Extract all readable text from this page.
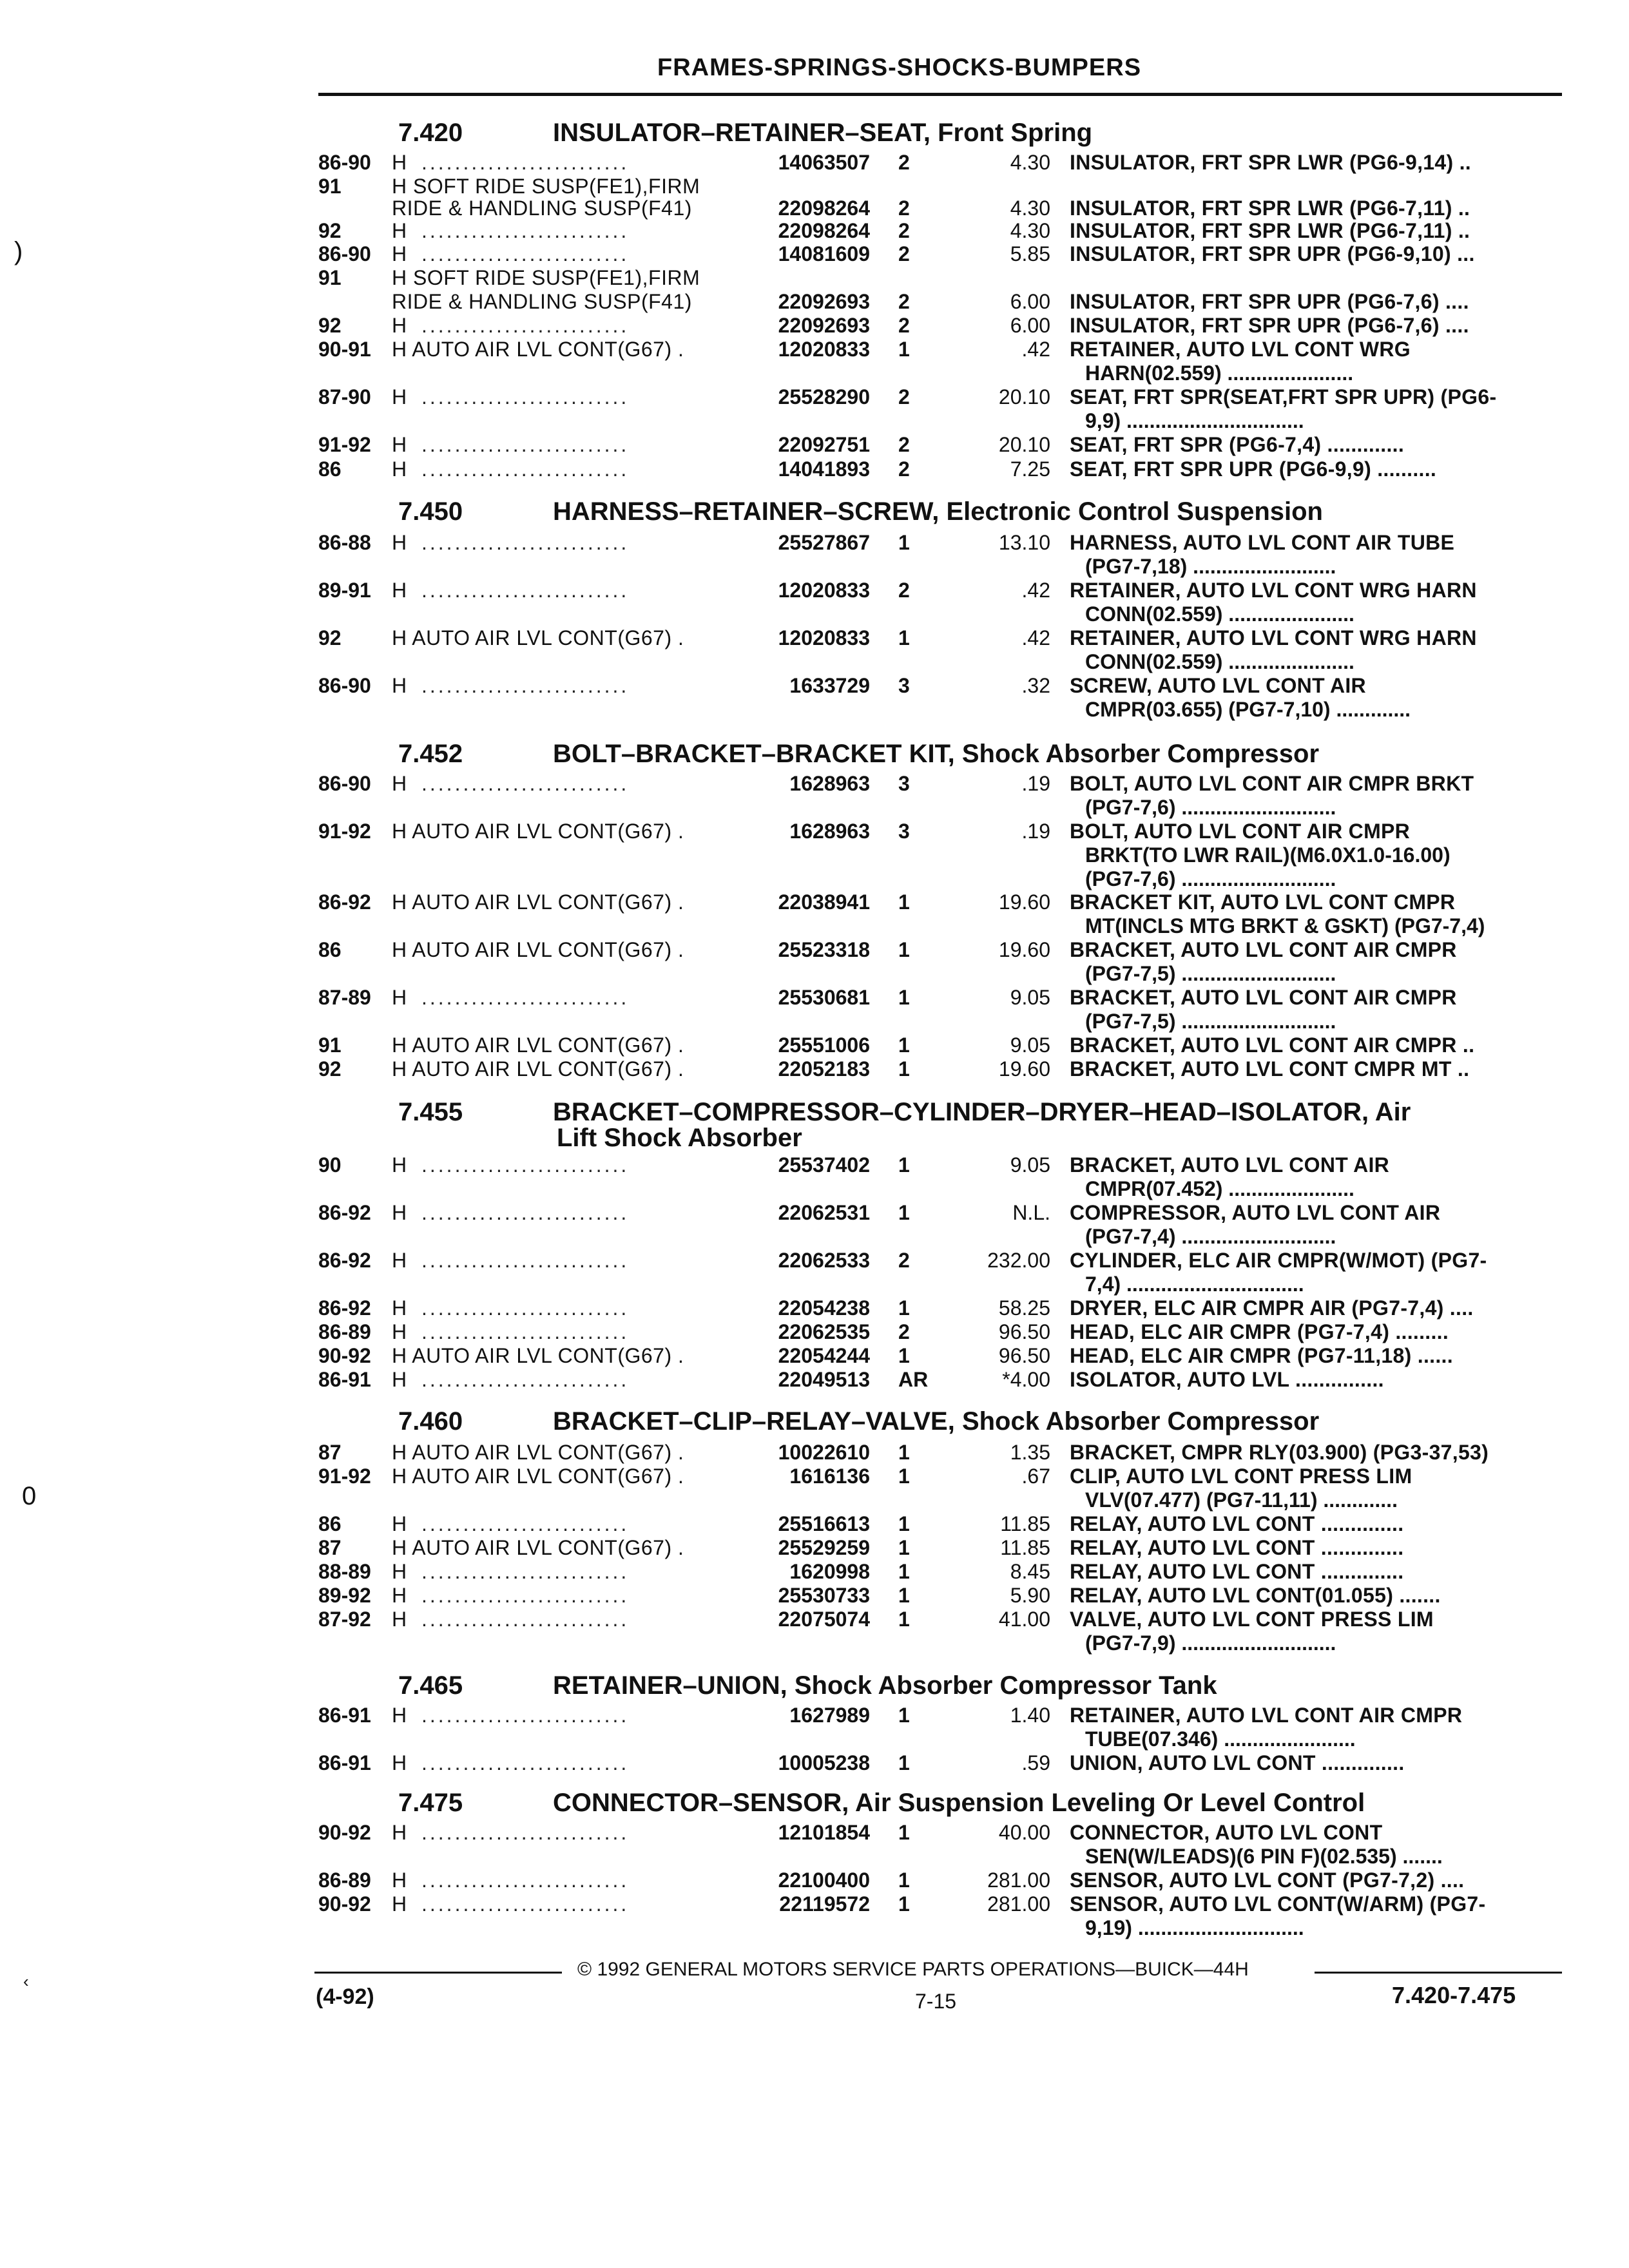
FRAMES-SPRINGS-SHOCKS-BUMPERS
)
0
‹
7.420	INSULATOR–RETAINER–SEAT, Front Spring
86-90 H .........................	14063507 2	4.30 INSULATOR, FRT SPR LWR (PG6-9,14) ..
91 H SOFT RIDE SUSP(FE1),FIRM
RIDE & HANDLING SUSP(F41)	22098264 2	4.30 INSULATOR, FRT SPR LWR (PG6-7,11) ..
92 H .........................	22098264 2	4.30 INSULATOR, FRT SPR LWR (PG6-7,11) ..
86-90 H .........................	14081609 2	5.85 INSULATOR, FRT SPR UPR (PG6-9,10) ...
91 H SOFT RIDE SUSP(FE1),FIRM
RIDE & HANDLING SUSP(F41)	22092693 2	6.00 INSULATOR, FRT SPR UPR (PG6-7,6) ....
92 H .........................	22092693 2	6.00 INSULATOR, FRT SPR UPR (PG6-7,6) ....
90-91 H AUTO AIR LVL CONT(G67) .	12020833 1	.42 RETAINER, AUTO LVL CONT WRG
HARN(02.559) ......................
87-90 H .........................	25528290 2	20.10 SEAT, FRT SPR(SEAT,FRT SPR UPR) (PG6-
9,9) ...............................
91-92 H .........................	22092751 2	20.10 SEAT, FRT SPR (PG6-7,4) .............
86 H .........................	14041893 2	7.25 SEAT, FRT SPR UPR (PG6-9,9) ..........
7.450	HARNESS–RETAINER–SCREW, Electronic Control Suspension
86-88 H .........................	25527867 1	13.10 HARNESS, AUTO LVL CONT AIR TUBE
(PG7-7,18) .........................
89-91 H .........................	12020833 2	.42 RETAINER, AUTO LVL CONT WRG HARN
CONN(02.559) ......................
92 H AUTO AIR LVL CONT(G67) .	12020833 1	.42 RETAINER, AUTO LVL CONT WRG HARN
CONN(02.559) ......................
86-90 H .........................	1633729 3	.32 SCREW, AUTO LVL CONT AIR
CMPR(03.655) (PG7-7,10) .............
7.452	BOLT–BRACKET–BRACKET KIT, Shock Absorber Compressor
86-90 H .........................	1628963 3	.19 BOLT, AUTO LVL CONT AIR CMPR BRKT
(PG7-7,6) ...........................
91-92 H AUTO AIR LVL CONT(G67) .	1628963 3	.19 BOLT, AUTO LVL CONT AIR CMPR
BRKT(TO LWR RAIL)(M6.0X1.0-16.00)
(PG7-7,6) ...........................
86-92 H AUTO AIR LVL CONT(G67) .	22038941 1	19.60 BRACKET KIT, AUTO LVL CONT CMPR
MT(INCLS MTG BRKT & GSKT) (PG7-7,4)
86 H AUTO AIR LVL CONT(G67) .	25523318 1	19.60 BRACKET, AUTO LVL CONT AIR CMPR
(PG7-7,5) ...........................
87-89 H .........................	25530681 1	9.05 BRACKET, AUTO LVL CONT AIR CMPR
(PG7-7,5) ...........................
91 H AUTO AIR LVL CONT(G67) .	25551006 1	9.05 BRACKET, AUTO LVL CONT AIR CMPR ..
92 H AUTO AIR LVL CONT(G67) .	22052183 1	19.60 BRACKET, AUTO LVL CONT CMPR MT ..
7.455	BRACKET–COMPRESSOR–CYLINDER–DRYER–HEAD–ISOLATOR, Air
Lift Shock Absorber
90 H .........................	25537402 1	9.05 BRACKET, AUTO LVL CONT AIR
CMPR(07.452) ......................
86-92 H .........................	22062531 1	N.L. COMPRESSOR, AUTO LVL CONT AIR
(PG7-7,4) ...........................
86-92 H .........................	22062533 2	232.00 CYLINDER, ELC AIR CMPR(W/MOT) (PG7-
7,4) ...............................
86-92 H .........................	22054238 1	58.25 DRYER, ELC AIR CMPR AIR (PG7-7,4) ....
86-89 H .........................	22062535 2	96.50 HEAD, ELC AIR CMPR (PG7-7,4) .........
90-92 H AUTO AIR LVL CONT(G67) .	22054244 1	96.50 HEAD, ELC AIR CMPR (PG7-11,18) ......
86-91 H .........................	22049513 AR	*4.00 ISOLATOR, AUTO LVL ...............
7.460	BRACKET–CLIP–RELAY–VALVE, Shock Absorber Compressor
87 H AUTO AIR LVL CONT(G67) .	10022610 1	1.35 BRACKET, CMPR RLY(03.900) (PG3-37,53)
91-92 H AUTO AIR LVL CONT(G67) .	1616136 1	.67 CLIP, AUTO LVL CONT PRESS LIM
VLV(07.477) (PG7-11,11) .............
86 H .........................	25516613 1	11.85 RELAY, AUTO LVL CONT ..............
87 H AUTO AIR LVL CONT(G67) .	25529259 1	11.85 RELAY, AUTO LVL CONT ..............
88-89 H .........................	1620998 1	8.45 RELAY, AUTO LVL CONT ..............
89-92 H .........................	25530733 1	5.90 RELAY, AUTO LVL CONT(01.055) .......
87-92 H .........................	22075074 1	41.00 VALVE, AUTO LVL CONT PRESS LIM
(PG7-7,9) ...........................
7.465	RETAINER–UNION, Shock Absorber Compressor Tank
86-91 H .........................	1627989 1	1.40 RETAINER, AUTO LVL CONT AIR CMPR
TUBE(07.346) .......................
86-91 H .........................	10005238 1	.59 UNION, AUTO LVL CONT ..............
7.475	CONNECTOR–SENSOR, Air Suspension Leveling Or Level Control
90-92 H .........................	12101854 1	40.00 CONNECTOR, AUTO LVL CONT
SEN(W/LEADS)(6 PIN F)(02.535) .......
86-89 H .........................	22100400 1	281.00 SENSOR, AUTO LVL CONT (PG7-7,2) ....
90-92 H .........................	22119572 1	281.00 SENSOR, AUTO LVL CONT(W/ARM) (PG7-
9,19) .............................
© 1992 GENERAL MOTORS SERVICE PARTS OPERATIONS—BUICK—44H
(4-92)	7-15	7.420-7.475
